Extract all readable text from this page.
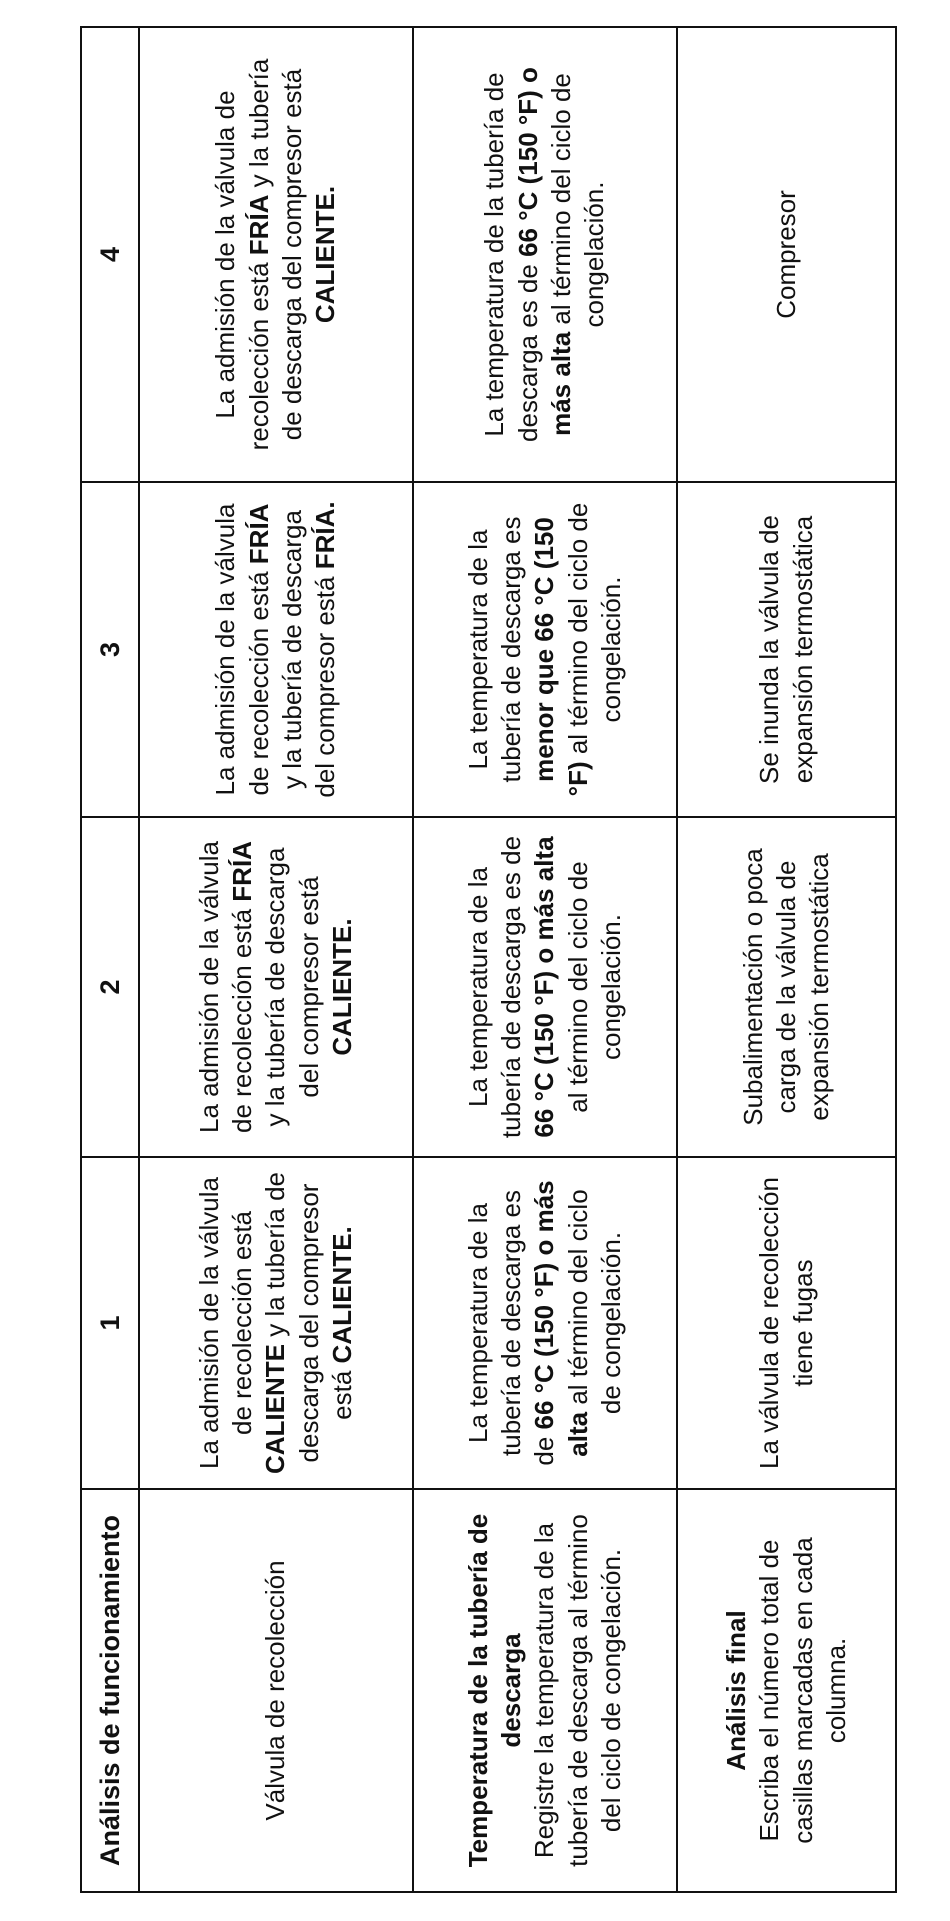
Análisis de funcionamiento	1	2	3	4
Válvula de recolección	La admisión de la válvula de recolección está CALIENTE y la tubería de descarga del compresor está CALIENTE.	La admisión de la válvula de recolección está FRÍA y la tubería de descarga del compresor está CALIENTE.	La admisión de la válvula de recolección está FRÍA y la tubería de descarga del compresor está FRÍA.	La admisión de la válvula de recolección está FRÍA y la tubería de descarga del compresor está CALIENTE.

Temperatura de la tubería de descarga Registre la temperatura de la tubería de descarga al término del ciclo de congelación.	La temperatura de la tubería de descarga es de 66 °C (150 °F) o más alta al término del ciclo de congelación.	La temperatura de la tubería de descarga es de 66 °C (150 °F) o más alta al término del ciclo de congelación.	La temperatura de la tubería de descarga es menor que 66 °C (150 °F) al término del ciclo de congelación.	La temperatura de la tubería de descarga es de 66 °C (150 °F) o más alta al término del ciclo de congelación.

Análisis final Escriba el número total de casillas marcadas en cada columna.	La válvula de recolección tiene fugas	Subalimentación o poca carga de la válvula de expansión termostática	Se inunda la válvula de expansión termostática	Compresor
